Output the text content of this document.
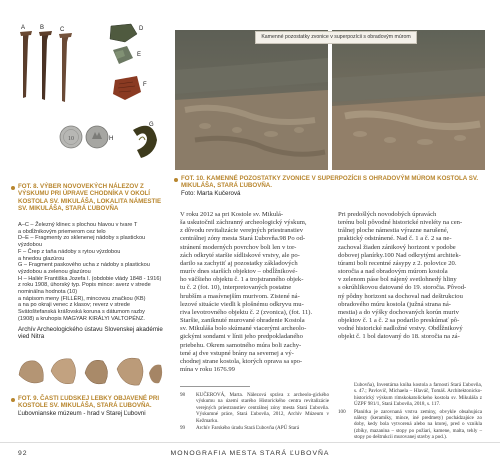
10
A B	C	D
E
F
G
H
FOT. 8. VÝBER NOVOVEKÝCH NÁLEZOV Z VÝSKUMU PRI ÚPRAVE CHODNÍKA V OKOLÍ KOSTOLA SV. MIKULÁŠA, LOKALITA NÁMESTIE SV. MIKULÁŠA, STARÁ ĽUBOVŇA
A–C – Železný klinec s plochou hlavou v tvare T
a obdĺžnikovým priemerom cez telo
D–E – Fragmenty zo sklenenej nádoby s plastickou
výzdobou
F – Črep z taňa nádoby s rytou výzdobou
a hnedou glazúrou
G – Fragment paskového ucha z nádoby s plastickou
výzdobou a zelenou glazúrou
H – Haliér Františka Jozefa I. (obdobie vlády 1848 - 1916)
z roku 1908, úhorský typ. Popis mince: averz v strede
nominálna hodnota (10)
a nápisom meny (FILLÉR), mincovou značkou (KB)
a na po okraji venec z klasov; reverz v strede
Svätoštefanská kráľovská koruna s dátumom razby
(1908) a kruhopis MAGYAR KIRÁLYI VALTOPÉNZ.
Archív Archeologického ústavu Slovenskej akadémie vied Nitra
FOT. 9. ČASTI ĽUDSKEJ LEBKY OBJAVENÉ PRI KOSTOLE SV. MIKULÁŠA, STARÁ ĽUBOVŇA.
Ľubovnianske múzeum - hrad v Starej Ľubovni
Kamenné pozostatky zvonice v superpozícii s obradovým múrom
FOT. 10. KAMENNÉ POZOSTATKY ZVONICE V SUPERPOZÍCII S OHRADOVÝM MÚROM KOSTOLA SV. MIKULÁŠA, STARÁ ĽUBOVŇA.
Foto: Marta Kučerová
V roku 2012 sa pri Kostole sv. Mikulá-
ša uskutočnil záchranný archeologický výskum,
z dôvodu revitalizácie verejných priestranstiev
centrálnej zóny mesta Stará Ľubovňa.98 Po od-
stránení moderných povrchov boli len v tor-
zách odkryté staršie sídliskové vrstvy, ale po-
darilo sa zachytiť aj pozostatky základových
murív dnes starších objektov – obdĺžnikové-
ho väčšieho objektu č. 1 a trojstranného objek-
tu č. 2 (fot. 10), interpretovaných postatne
hrubším a masívnejším murivom. Zistené ná-
lezové situácie viedli k plošnému odkryvu mu-
riva levotrovného objektu č. 2 (zvonica), (fot. 11).
Staršie, zaniknuté murované ohradenie Kostola
sv. Mikuláša bolo skúmané viacerými archeolo-
gickými sondami v línii jeho predpokladaného
priebehu. Okrem samotného múra boli zachy-
tené aj dve vstupné brány na severnej a vý-
chodnej strane kostola, ktorých oprava sa spo-
mína v roku 1676.99
Pri predošlých novodobých úpravách
terénu boli pôvodné historické niveléty na cen-
trálnej ploche námestia výrazne narušené,
praktický odstránené. Nad č. 1 a č. 2 sa ne-
zachoval žiaden zánikový horizont v podobe
dobovej planírky.100 Nad odkrytými architek-
túrami boli recentné zásypy z 2. polovice 20.
storočia a nad obradovým múrom kostola
v zelenom páse bol nájený svetlohnedý hliny
s okrúhlikovou datované do 19. storočia. Pôvod-
ný pôdny horizont sa dochoval nad deštrukciou
obradového múru kostola (južná strana ná-
mestia) a do výšky dochovaných korún muriv
objektov č. 1 a č. 2 sa podarilo preskúmať pô-
vodné historické nadložné vrstvy. Obdĺžnikový
objekt č. 1 bol datovaný do 18. storočia na zá-
98 KUČEROVÁ, Marta. Nálezová správa z archeolo-gického výskumu na území starého Historického centra revitalizácie verejných priestranstiev centrálnej zóny mesta Stará Ľubovňa. Výskumné práce, Stará Ľubovňa, 2012, Archív Múzeum v Kežmarku.
99 Archív Farského úradu Stará Ľubovňa (APÚ Stará
Ľubovňa), Inventárna kniha kostola a farnosti Stará Ľubovňa, s. 47.; Pavlovič, Michaela – Hlaváč, Tomáš. Architektonicko-historický výskum rímskokatolíckeho kostola sv. Mikuláša z ÚZPF 981/1, Stará Ľubovňa, 2018, s. 117.
100 Planírka je zarovnaná vrstva zeminy, obvykle obsahujúca nálezy (keramiky, mince, iné predmety) pochádzajúce zo doby, kedy bola vytvorená alebo na ktorej, pred o vznikla (zbíky, mazanina – stopy po požiari, kamene, malta, tehly – stopy po deštrukcii murovanej stavby a pod.).
92	MONOGRAFIA MESTA STARÁ ĽUBOVŇA
